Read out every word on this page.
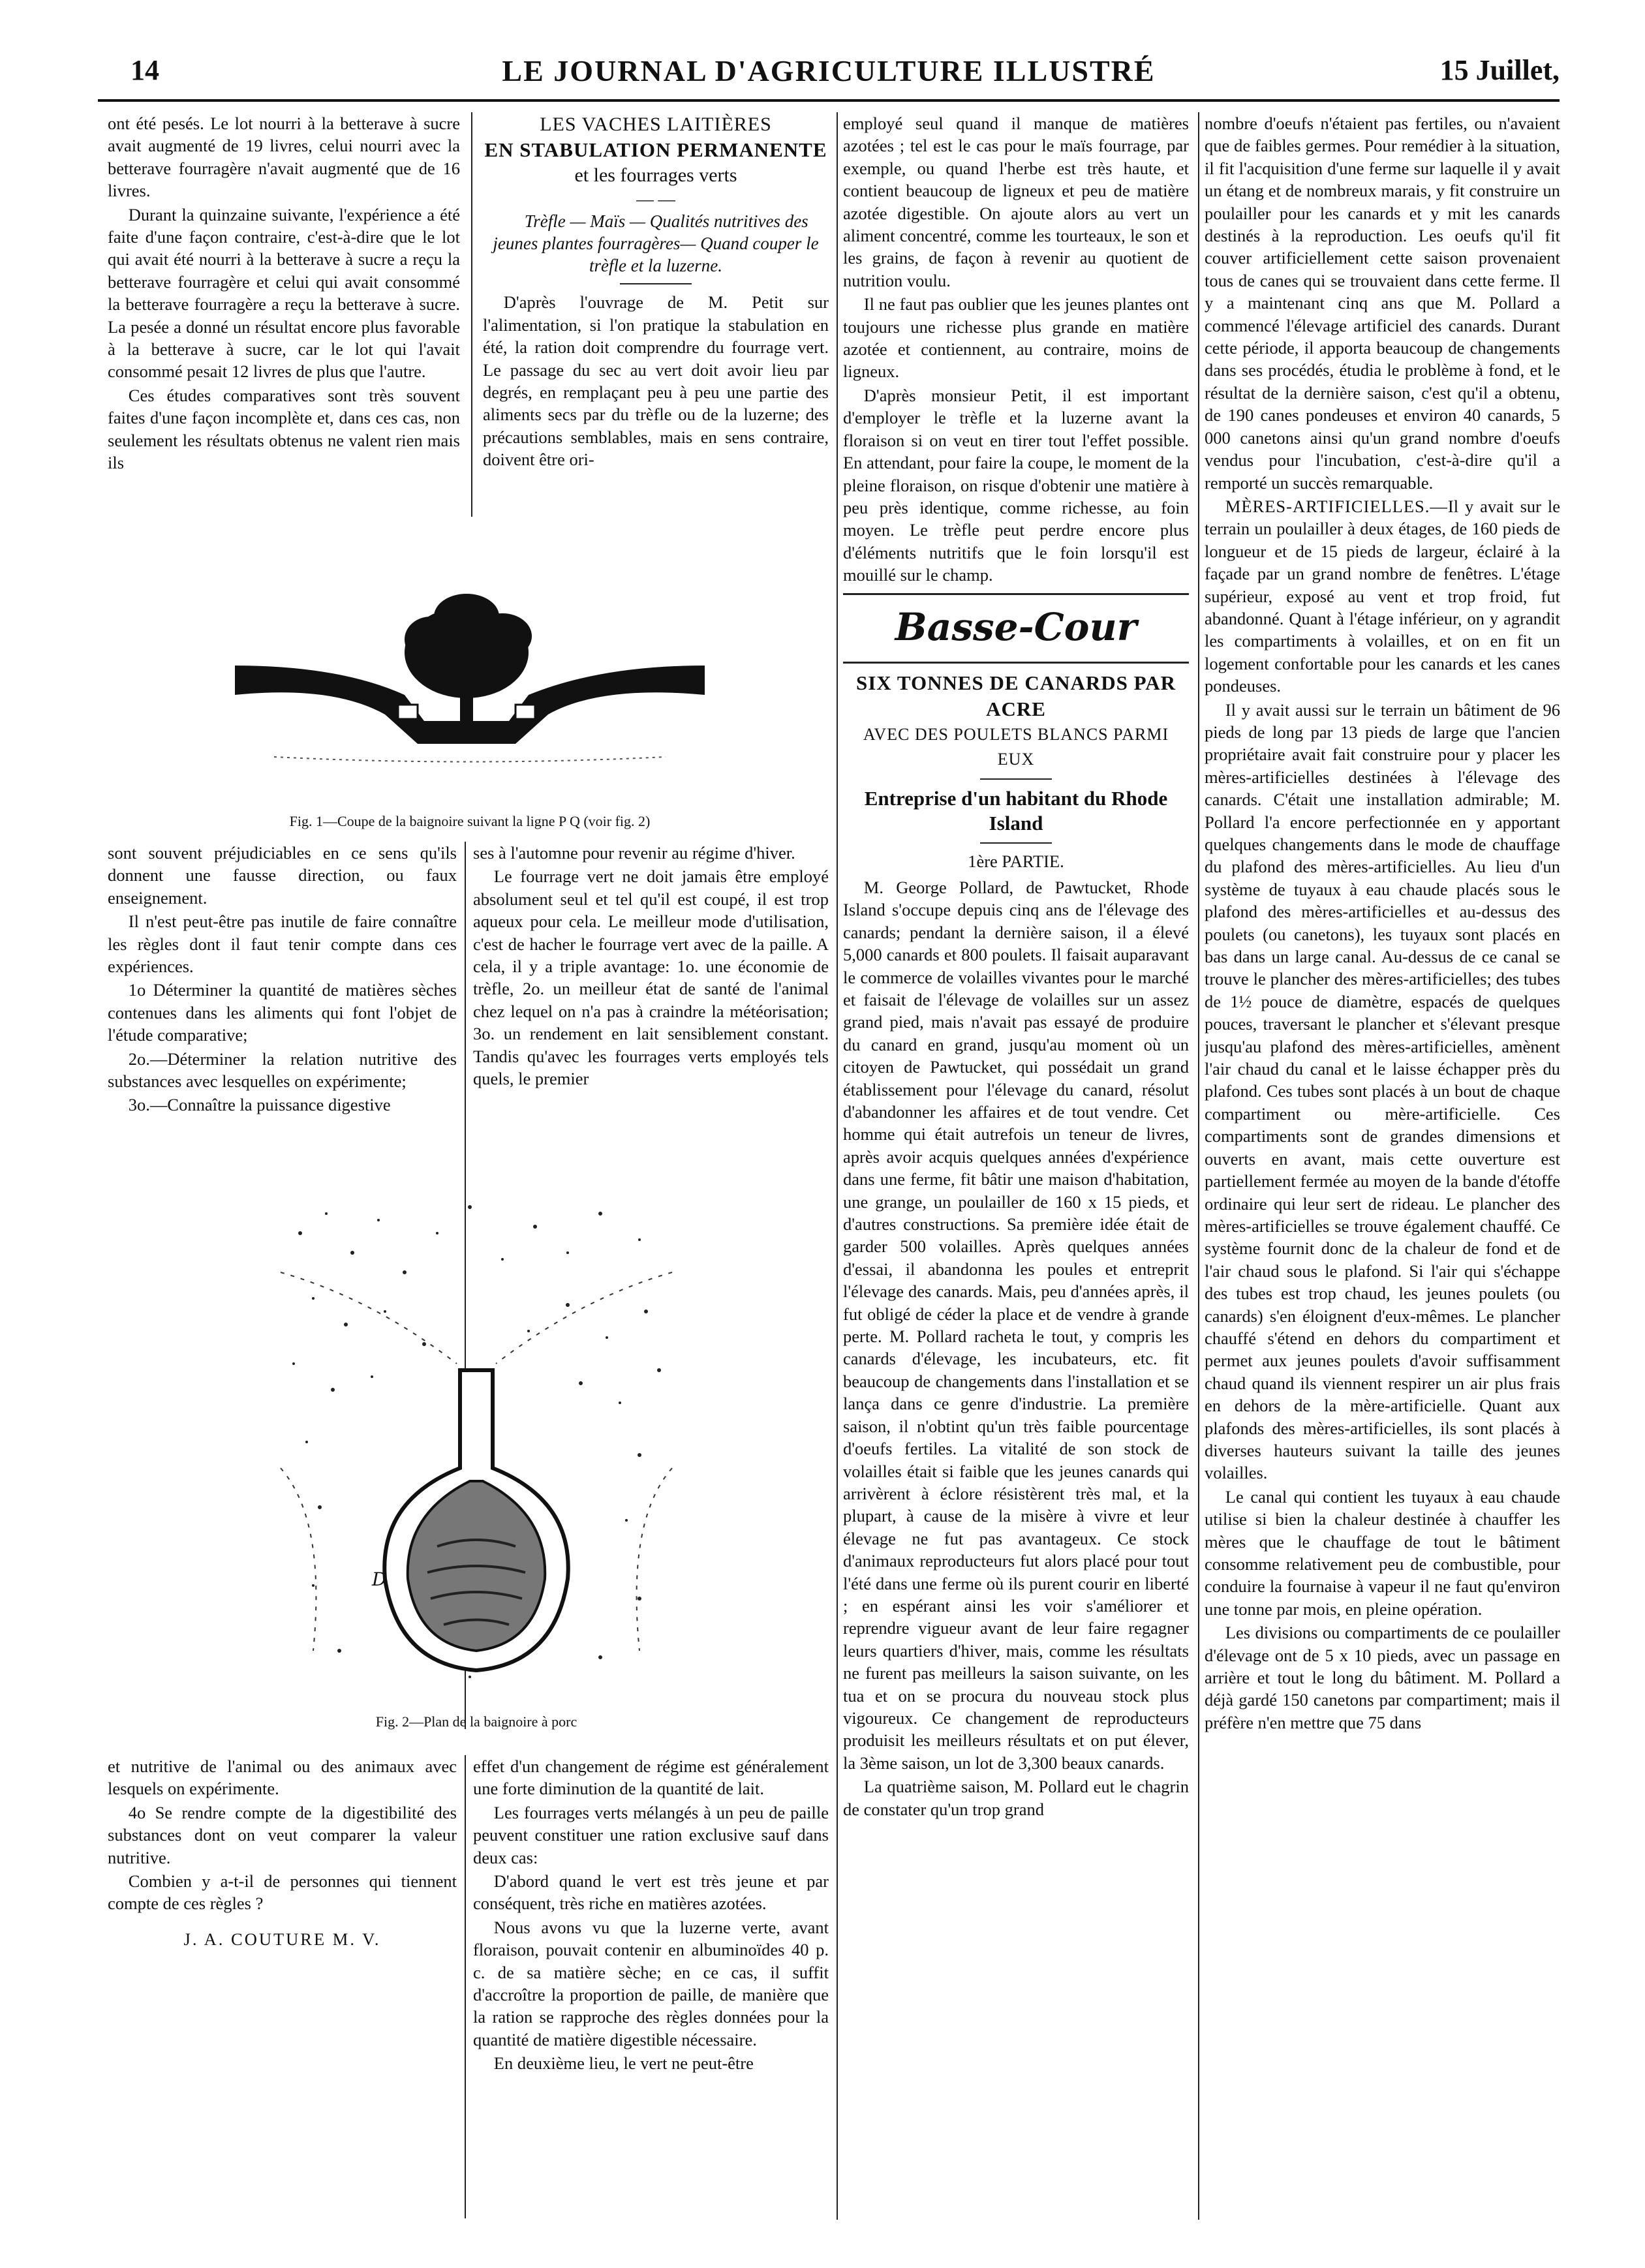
14	LE JOURNAL D'AGRICULTURE ILLUSTRÉ	15 Juillet,

ont été pesés. Le lot nourri à la betterave à sucre avait augmenté de 19 livres, celui nourri avec la betterave fourragère n'avait augmenté que de 16 livres.

Durant la quinzaine suivante, l'expérience a été faite d'une façon contraire, c'est-à-dire que le lot qui avait été nourri à la betterave à sucre a reçu la betterave fourragère et celui qui avait consommé la betterave fourragère a reçu la betterave à sucre. La pesée a donné un résultat encore plus favorable à la betterave à sucre, car le lot qui l'avait consommé pesait 12 livres de plus que l'autre.

Ces études comparatives sont très souvent faites d'une façon incomplète et, dans ces cas, non seulement les résultats obtenus ne valent rien mais ils

LES VACHES LAITIÈRES
EN STABULATION PERMANENTE
et les fourrages verts
— —

Trèfle — Maïs — Qualités nutritives des jeunes plantes fourragères— Quand couper le trèfle et la luzerne.

D'après l'ouvrage de M. Petit sur l'alimentation, si l'on pratique la stabulation en été, la ration doit comprendre du fourrage vert. Le passage du sec au vert doit avoir lieu par degrés, en remplaçant peu à peu une partie des aliments secs par du trèfle ou de la luzerne; des précautions semblables, mais en sens contraire, doivent être ori-

Fig. 1—Coupe de la baignoire suivant la ligne P Q (voir fig. 2)

sont souvent préjudiciables en ce sens qu'ils donnent une fausse direction, ou faux enseignement.

Il n'est peut-être pas inutile de faire connaître les règles dont il faut tenir compte dans ces expériences.

1o Déterminer la quantité de matières sèches contenues dans les aliments qui font l'objet de l'étude comparative;

2o.—Déterminer la relation nutritive des substances avec lesquelles on expérimente;

3o.—Connaître la puissance digestive

ses à l'automne pour revenir au régime d'hiver.

Le fourrage vert ne doit jamais être employé absolument seul et tel qu'il est coupé, il est trop aqueux pour cela. Le meilleur mode d'utilisation, c'est de hacher le fourrage vert avec de la paille. A cela, il y a triple avantage: 1o. une économie de trèfle, 2o. un meilleur état de santé de l'animal chez lequel on n'a pas à craindre la météorisation; 3o. un rendement en lait sensiblement constant. Tandis qu'avec les fourrages verts employés tels quels, le premier

D
Fig. 2—Plan de la baignoire à porc

et nutritive de l'animal ou des animaux avec lesquels on expérimente.

4o Se rendre compte de la digestibilité des substances dont on veut comparer la valeur nutritive.

Combien y a-t-il de personnes qui tiennent compte de ces règles ?

J. A. COUTURE M. V.

effet d'un changement de régime est généralement une forte diminution de la quantité de lait.

Les fourrages verts mélangés à un peu de paille peuvent constituer une ration exclusive sauf dans deux cas:

D'abord quand le vert est très jeune et par conséquent, très riche en matières azotées.

Nous avons vu que la luzerne verte, avant floraison, pouvait contenir en albuminoïdes 40 p. c. de sa matière sèche; en ce cas, il suffit d'accroître la proportion de paille, de manière que la ration se rapproche des règles données pour la quantité de matière digestible nécessaire.

En deuxième lieu, le vert ne peut-être

employé seul quand il manque de matières azotées ; tel est le cas pour le maïs fourrage, par exemple, ou quand l'herbe est très haute, et contient beaucoup de ligneux et peu de matière azotée digestible. On ajoute alors au vert un aliment concentré, comme les tourteaux, le son et les grains, de façon à revenir au quotient de nutrition voulu.

Il ne faut pas oublier que les jeunes plantes ont toujours une richesse plus grande en matière azotée et contiennent, au contraire, moins de ligneux.

D'après monsieur Petit, il est important d'employer le trèfle et la luzerne avant la floraison si on veut en tirer tout l'effet possible. En attendant, pour faire la coupe, le moment de la pleine floraison, on risque d'obtenir une matière à peu près identique, comme richesse, au foin moyen. Le trèfle peut perdre encore plus d'éléments nutritifs que le foin lorsqu'il est mouillé sur le champ.

Basse-Cour
SIX TONNES DE CANARDS PAR ACRE
AVEC DES POULETS BLANCS PARMI EUX
Entreprise d'un habitant du Rhode Island
1ère PARTIE.

M. George Pollard, de Pawtucket, Rhode Island s'occupe depuis cinq ans de l'élevage des canards; pendant la dernière saison, il a élevé 5,000 canards et 800 poulets. Il faisait auparavant le commerce de volailles vivantes pour le marché et faisait de l'élevage de volailles sur un assez grand pied, mais n'avait pas essayé de produire du canard en grand, jusqu'au moment où un citoyen de Pawtucket, qui possédait un grand établissement pour l'élevage du canard, résolut d'abandonner les affaires et de tout vendre. Cet homme qui était autrefois un teneur de livres, après avoir acquis quelques années d'expérience dans une ferme, fit bâtir une maison d'habitation, une grange, un poulailler de 160 x 15 pieds, et d'autres constructions. Sa première idée était de garder 500 volailles. Après quelques années d'essai, il abandonna les poules et entreprit l'élevage des canards. Mais, peu d'années après, il fut obligé de céder la place et de vendre à grande perte. M. Pollard racheta le tout, y compris les canards d'élevage, les incubateurs, etc. fit beaucoup de changements dans l'installation et se lança dans ce genre d'industrie. La première saison, il n'obtint qu'un très faible pourcentage d'oeufs fertiles. La vitalité de son stock de volailles était si faible que les jeunes canards qui arrivèrent à éclore résistèrent très mal, et la plupart, à cause de la misère à vivre et leur élevage ne fut pas avantageux. Ce stock d'animaux reproducteurs fut alors placé pour tout l'été dans une ferme où ils purent courir en liberté ; en espérant ainsi les voir s'améliorer et reprendre vigueur avant de leur faire regagner leurs quartiers d'hiver, mais, comme les résultats ne furent pas meilleurs la saison suivante, on les tua et on se procura du nouveau stock plus vigoureux. Ce changement de reproducteurs produisit les meilleurs résultats et on put élever, la 3ème saison, un lot de 3,300 beaux canards.

La quatrième saison, M. Pollard eut le chagrin de constater qu'un trop grand

nombre d'oeufs n'étaient pas fertiles, ou n'avaient que de faibles germes. Pour remédier à la situation, il fit l'acquisition d'une ferme sur laquelle il y avait un étang et de nombreux marais, y fit construire un poulailler pour les canards et y mit les canards destinés à la reproduction. Les oeufs qu'il fit couver artificiellement cette saison provenaient tous de canes qui se trouvaient dans cette ferme. Il y a maintenant cinq ans que M. Pollard a commencé l'élevage artificiel des canards. Durant cette période, il apporta beaucoup de changements dans ses procédés, étudia le problème à fond, et le résultat de la dernière saison, c'est qu'il a obtenu, de 190 canes pondeuses et environ 40 canards, 5 000 canetons ainsi qu'un grand nombre d'oeufs vendus pour l'incubation, c'est-à-dire qu'il a remporté un succès remarquable.

MÈRES-ARTIFICIELLES.—Il y avait sur le terrain un poulailler à deux étages, de 160 pieds de longueur et de 15 pieds de largeur, éclairé à la façade par un grand nombre de fenêtres. L'étage supérieur, exposé au vent et trop froid, fut abandonné. Quant à l'étage inférieur, on y agrandit les compartiments à volailles, et on en fit un logement confortable pour les canards et les canes pondeuses.

Il y avait aussi sur le terrain un bâtiment de 96 pieds de long par 13 pieds de large que l'ancien propriétaire avait fait construire pour y placer les mères-artificielles destinées à l'élevage des canards. C'était une installation admirable; M. Pollard l'a encore perfectionnée en y apportant quelques changements dans le mode de chauffage du plafond des mères-artificielles. Au lieu d'un système de tuyaux à eau chaude placés sous le plafond des mères-artificielles et au-dessus des poulets (ou canetons), les tuyaux sont placés en bas dans un large canal. Au-dessus de ce canal se trouve le plancher des mères-artificielles; des tubes de 1½ pouce de diamètre, espacés de quelques pouces, traversant le plancher et s'élevant presque jusqu'au plafond des mères-artificielles, amènent l'air chaud du canal et le laisse échapper près du plafond. Ces tubes sont placés à un bout de chaque compartiment ou mère-artificielle. Ces compartiments sont de grandes dimensions et ouverts en avant, mais cette ouverture est partiellement fermée au moyen de la bande d'étoffe ordinaire qui leur sert de rideau. Le plancher des mères-artificielles se trouve également chauffé. Ce système fournit donc de la chaleur de fond et de l'air chaud sous le plafond. Si l'air qui s'échappe des tubes est trop chaud, les jeunes poulets (ou canards) s'en éloignent d'eux-mêmes. Le plancher chauffé s'étend en dehors du compartiment et permet aux jeunes poulets d'avoir suffisamment chaud quand ils viennent respirer un air plus frais en dehors de la mère-artificielle. Quant aux plafonds des mères-artificielles, ils sont placés à diverses hauteurs suivant la taille des jeunes volailles.

Le canal qui contient les tuyaux à eau chaude utilise si bien la chaleur destinée à chauffer les mères que le chauffage de tout le bâtiment consomme relativement peu de combustible, pour conduire la fournaise à vapeur il ne faut qu'environ une tonne par mois, en pleine opération.

Les divisions ou compartiments de ce poulailler d'élevage ont de 5 x 10 pieds, avec un passage en arrière et tout le long du bâtiment. M. Pollard a déjà gardé 150 canetons par compartiment; mais il préfère n'en mettre que 75 dans
